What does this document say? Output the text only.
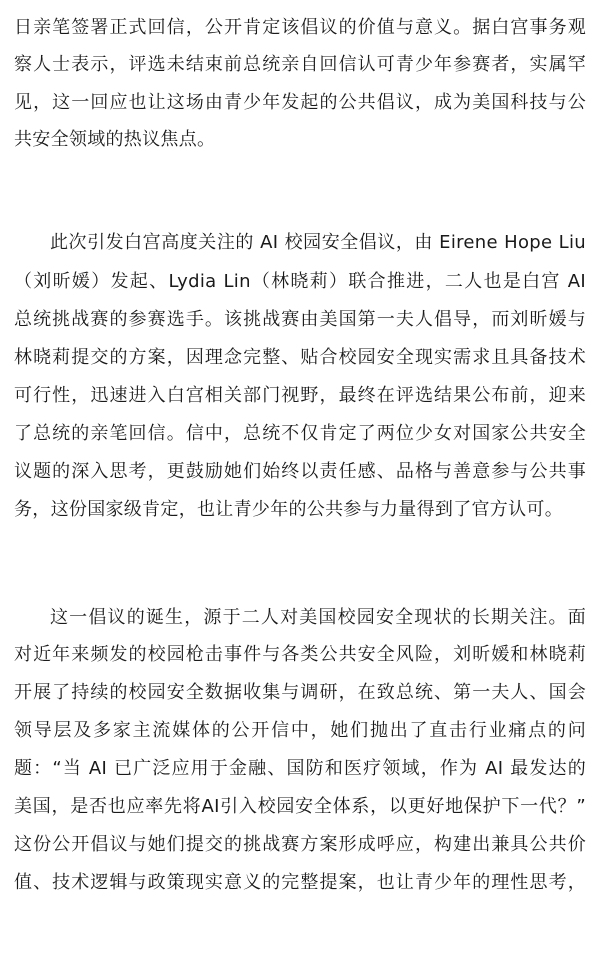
日亲笔签署正式回信，公开肯定该倡议的价值与意义。据白宫事务观
察人士表示，评选未结束前总统亲自回信认可青少年参赛者，实属罕
见，这一回应也让这场由青少年发起的公共倡议，成为美国科技与公
共安全领域的热议焦点。
此次引发白宫高度关注的 AI 校园安全倡议，由 Eirene Hope Liu
（刘昕媛）发起、Lydia Lin（林晓莉）联合推进，二人也是白宫 AI
总统挑战赛的参赛选手。该挑战赛由美国第一夫人倡导，而刘昕媛与
林晓莉提交的方案，因理念完整、贴合校园安全现实需求且具备技术
可行性，迅速进入白宫相关部门视野，最终在评选结果公布前，迎来
了总统的亲笔回信。信中，总统不仅肯定了两位少女对国家公共安全
议题的深入思考，更鼓励她们始终以责任感、品格与善意参与公共事
务，这份国家级肯定，也让青少年的公共参与力量得到了官方认可。
这一倡议的诞生，源于二人对美国校园安全现状的长期关注。面
对近年来频发的校园枪击事件与各类公共安全风险，刘昕媛和林晓莉
开展了持续的校园安全数据收集与调研，在致总统、第一夫人、国会
领导层及多家主流媒体的公开信中，她们抛出了直击行业痛点的问
题：“当 AI 已广泛应用于金融、国防和医疗领域，作为 AI 最发达的
美国，是否也应率先将AI引入校园安全体系，以更好地保护下一代？”
这份公开倡议与她们提交的挑战赛方案形成呼应，构建出兼具公共价
值、技术逻辑与政策现实意义的完整提案，也让青少年的理性思考，
